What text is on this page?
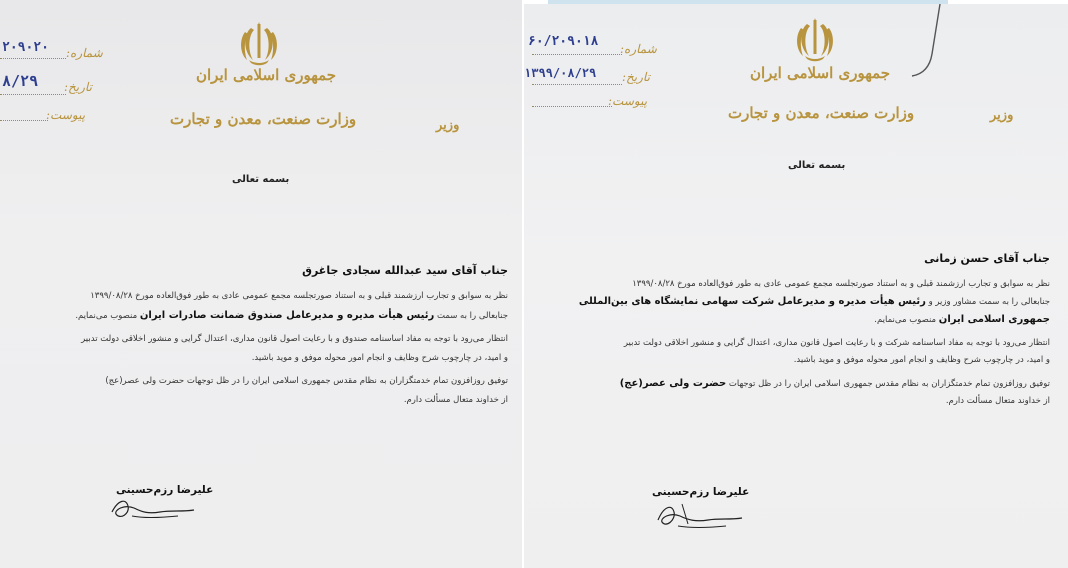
جمهوری اسلامی ایران
وزارت صنعت، معدن و تجارت	وزیر
۲۰۹۰۲۰ شماره:
۸/۲۹ تاریخ:
پیوست:
بسمه تعالی
جناب آقای سید عبدالله سجادی جاغرق
نظر به سوابق و تجارب ارزشمند قبلی و به استناد صورتجلسه مجمع عمومی عادی به طور فوق‌العاده مورخ ۱۳۹۹/۰۸/۲۸
جنابعالی را به سمت رئیس هیأت مدیره و مدیرعامل صندوق ضمانت صادرات ایران منصوب می‌نمایم.
انتظار می‌رود با توجه به مفاد اساسنامه صندوق و با رعایت اصول قانون مداری، اعتدال گرایی و منشور اخلاقی دولت تدبیر
و امید، در چارچوب شرح وظایف و انجام امور محوله موفق و موید باشید.
توفیق روزافزون تمام خدمتگزاران به نظام مقدس جمهوری اسلامی ایران را در ظل توجهات حضرت ولی عصر(عج)
از خداوند متعال مسألت دارم.
علیرضا رزم‌حسینی
جمهوری اسلامی ایران
وزارت صنعت، معدن و تجارت	وزیر
۶۰/۲۰۹۰۱۸ شماره:
۱۳۹۹/۰۸/۲۹ تاریخ:
پیوست:
بسمه تعالی
جناب آقای حسن زمانی
نظر به سوابق و تجارب ارزشمند قبلی و به استناد صورتجلسه مجمع عمومی عادی به طور فوق‌العاده مورخ ۱۳۹۹/۰۸/۲۸
جنابعالی را به سمت مشاور وزیر و رئیس هیأت مدیره و مدیرعامل شرکت سهامی نمایشگاه های بین‌المللی
جمهوری اسلامی ایران منصوب می‌نمایم.
انتظار می‌رود با توجه به مفاد اساسنامه شرکت و با رعایت اصول قانون مداری، اعتدال گرایی و منشور اخلاقی دولت تدبیر
و امید، در چارچوب شرح وظایف و انجام امور محوله موفق و موید باشید.
توفیق روزافزون تمام خدمتگزاران به نظام مقدس جمهوری اسلامی ایران را در ظل توجهات حضرت ولی عصر(عج)
از خداوند متعال مسألت دارم.
علیرضا رزم‌حسینی
